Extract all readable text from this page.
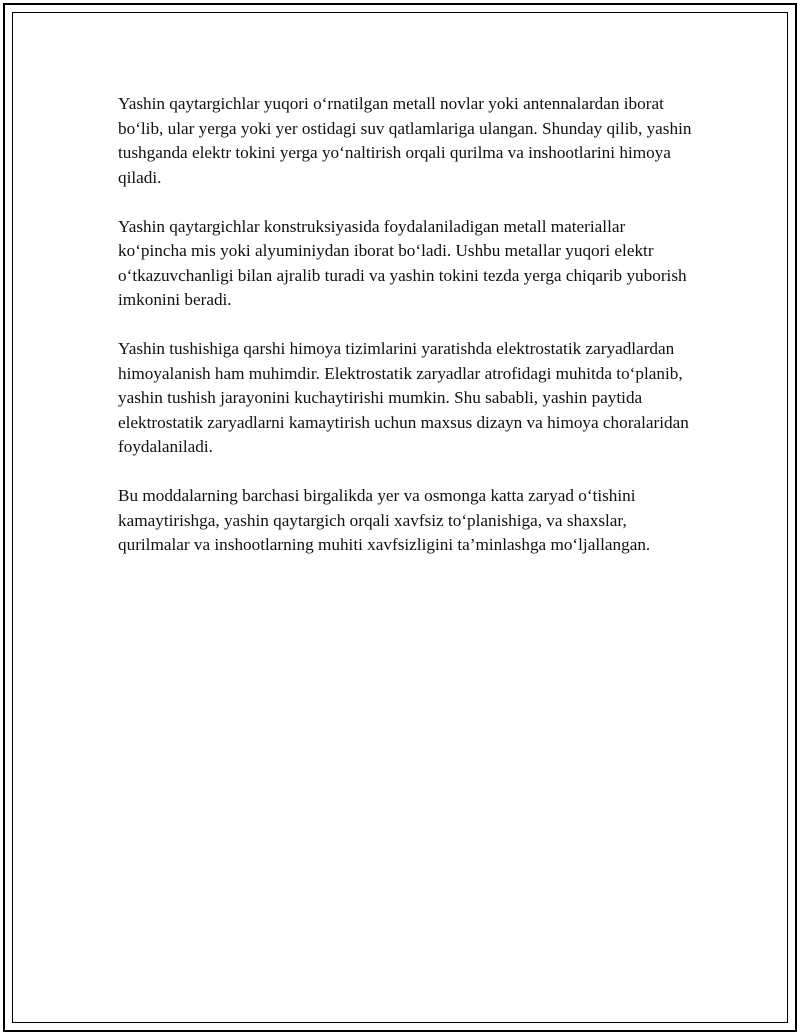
Yashin qaytargichlar yuqori o‘rnatilgan metall novlar yoki antennalardan iborat bo‘lib, ular yerga yoki yer ostidagi suv qatlamlariga ulangan. Shunday qilib, yashin tushganda elektr tokini yerga yo‘naltirish orqali qurilma va inshootlarini himoya qiladi.

Yashin qaytargichlar konstruksiyasida foydalaniladigan metall materiallar ko‘pincha mis yoki alyuminiydan iborat bo‘ladi. Ushbu metallar yuqori elektr o‘tkazuvchanligi bilan ajralib turadi va yashin tokini tezda yerga chiqarib yuborish imkonini beradi.

Yashin tushishiga qarshi himoya tizimlarini yaratishda elektrostatik zaryadlardan himoyalanish ham muhimdir. Elektrostatik zaryadlar atrofidagi muhitda to‘planib, yashin tushish jarayonini kuchaytirishi mumkin. Shu sababli, yashin paytida elektrostatik zaryadlarni kamaytirish uchun maxsus dizayn va himoya choralaridan foydalaniladi.

Bu moddalarning barchasi birgalikda yer va osmonga katta zaryad o‘tishini kamaytirishga, yashin qaytargich orqali xavfsiz to‘planishiga, va shaxslar, qurilmalar va inshootlarning muhiti xavfsizligini ta’minlashga mo‘ljallangan.
